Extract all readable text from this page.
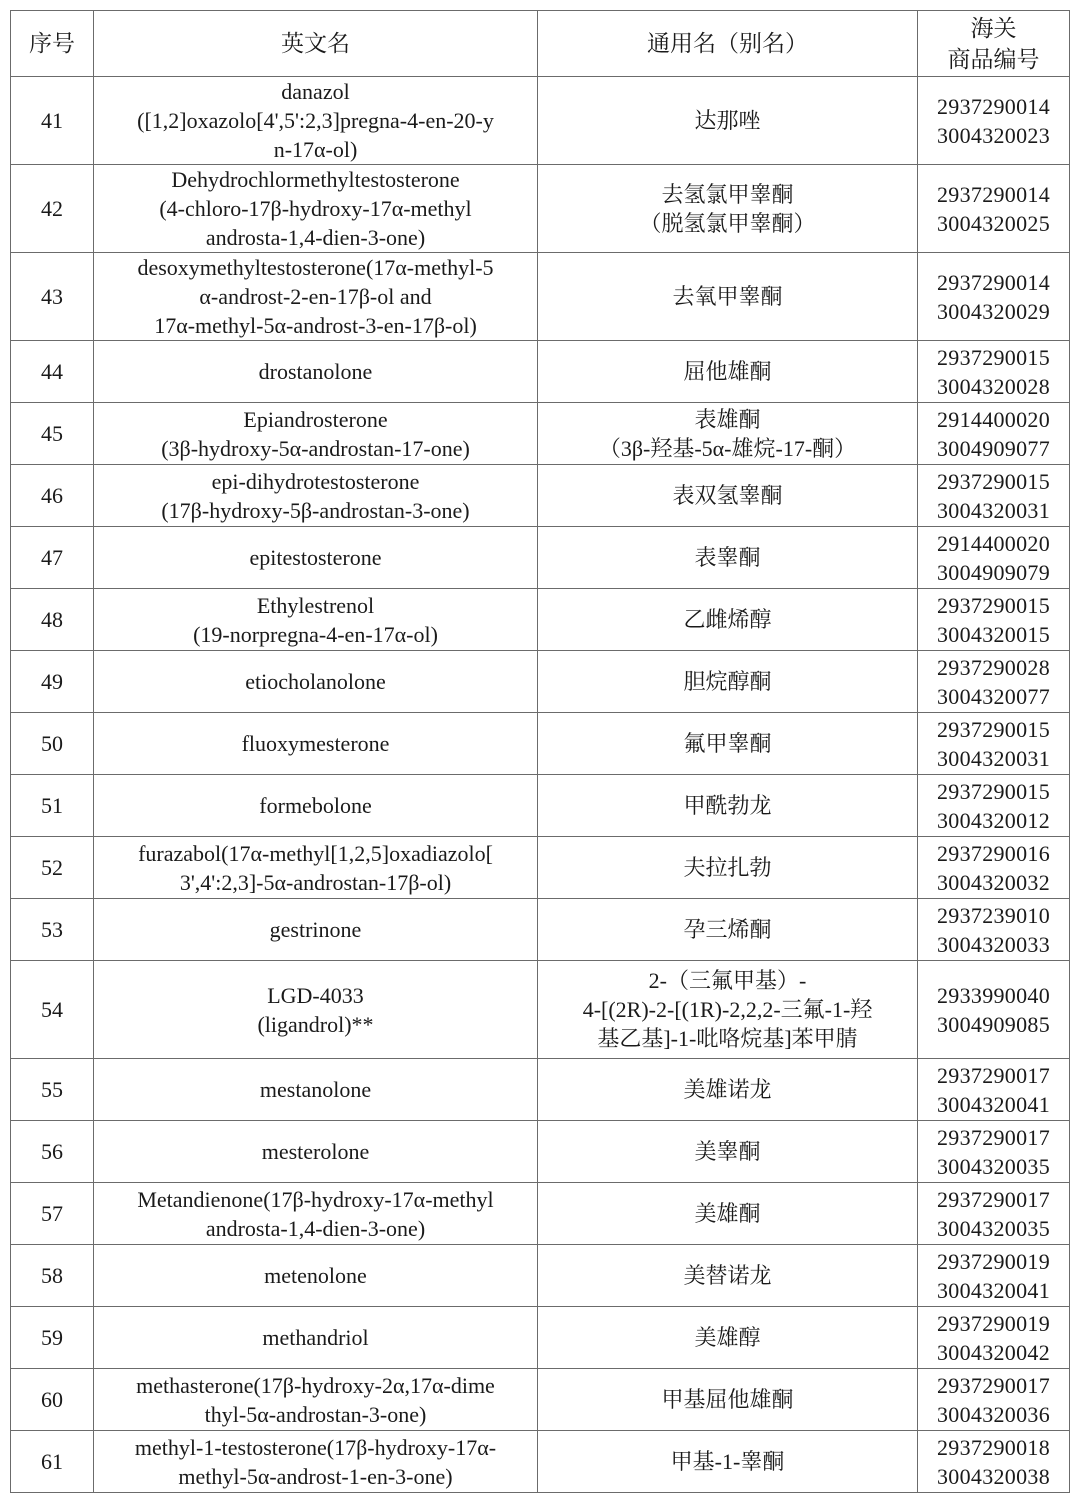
序号	英文名	通用名（别名）	海关
商品编号

41	danazol
([1,2]oxazolo[4',5':2,3]pregna-4-en-20-y
n-17α-ol)	达那唑	2937290014
3004320023

42	Dehydrochlormethyltestosterone
(4-chloro-17β-hydroxy-17α-methyl
androsta-1,4-dien-3-one)	去氢氯甲睾酮
（脱氢氯甲睾酮）	2937290014
3004320025

43	desoxymethyltestosterone(17α-methyl-5
α-androst-2-en-17β-ol and
17α-methyl-5α-androst-3-en-17β-ol)	去氧甲睾酮	2937290014
3004320029

44	drostanolone	屈他雄酮	2937290015
3004320028

45	Epiandrosterone
(3β-hydroxy-5α-androstan-17-one)	表雄酮
（3β-羟基-5α-雄烷-17-酮）	2914400020
3004909077

46	epi-dihydrotestosterone
(17β-hydroxy-5β-androstan-3-one)	表双氢睾酮	2937290015
3004320031

47	epitestosterone	表睾酮	2914400020
3004909079

48	Ethylestrenol
(19-norpregna-4-en-17α-ol)	乙雌烯醇	2937290015
3004320015

49	etiocholanolone	胆烷醇酮	2937290028
3004320077

50	fluoxymesterone	氟甲睾酮	2937290015
3004320031

51	formebolone	甲酰勃龙	2937290015
3004320012

52	furazabol(17α-methyl[1,2,5]oxadiazolo[
3',4':2,3]-5α-androstan-17β-ol)	夫拉扎勃	2937290016
3004320032

53	gestrinone	孕三烯酮	2937239010
3004320033

54	LGD-4033
(ligandrol)**	2-（三氟甲基）-
4-[(2R)-2-[(1R)-2,2,2-三氟-1-羟
基乙基]-1-吡咯烷基]苯甲腈	2933990040
3004909085

55	mestanolone	美雄诺龙	2937290017
3004320041

56	mesterolone	美睾酮	2937290017
3004320035

57	Metandienone(17β-hydroxy-17α-methyl
androsta-1,4-dien-3-one)	美雄酮	2937290017
3004320035

58	metenolone	美替诺龙	2937290019
3004320041

59	methandriol	美雄醇	2937290019
3004320042

60	methasterone(17β-hydroxy-2α,17α-dime
thyl-5α-androstan-3-one)	甲基屈他雄酮	2937290017
3004320036

61	methyl-1-testosterone(17β-hydroxy-17α-
methyl-5α-androst-1-en-3-one)	甲基-1-睾酮	2937290018
3004320038
